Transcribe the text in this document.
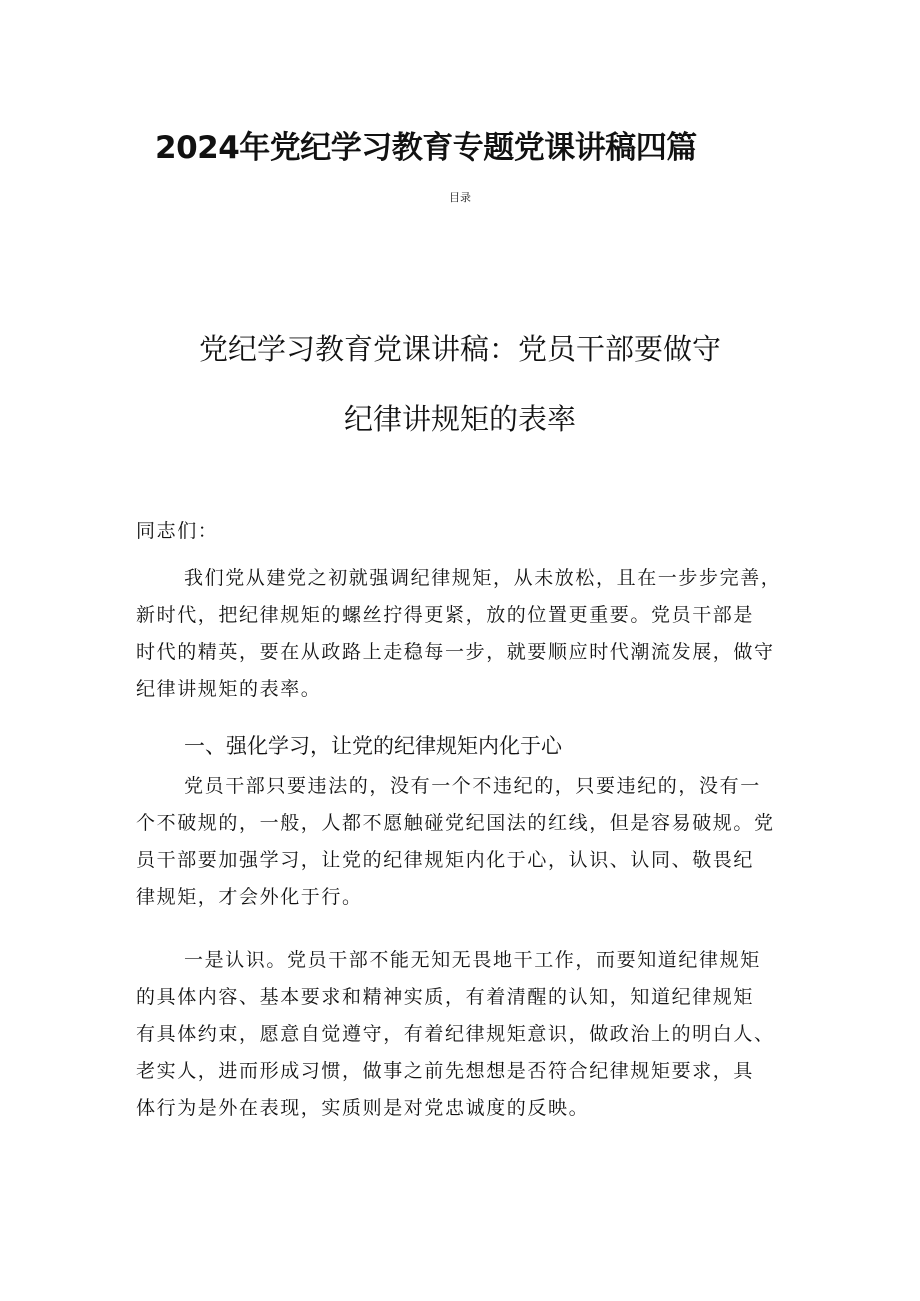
2024年党纪学习教育专题党课讲稿四篇
目录
党纪学习教育党课讲稿：党员干部要做守
纪律讲规矩的表率
同志们：
我们党从建党之初就强调纪律规矩，从未放松，且在一步步完善，
新时代，把纪律规矩的螺丝拧得更紧，放的位置更重要。党员干部是
时代的精英，要在从政路上走稳每一步，就要顺应时代潮流发展，做守
纪律讲规矩的表率。
一、强化学习，让党的纪律规矩内化于心
党员干部只要违法的，没有一个不违纪的，只要违纪的，没有一
个不破规的，一般，人都不愿触碰党纪国法的红线，但是容易破规。党
员干部要加强学习，让党的纪律规矩内化于心，认识、认同、敬畏纪
律规矩，才会外化于行。
一是认识。党员干部不能无知无畏地干工作，而要知道纪律规矩
的具体内容、基本要求和精神实质，有着清醒的认知，知道纪律规矩
有具体约束，愿意自觉遵守，有着纪律规矩意识，做政治上的明白人、
老实人，进而形成习惯，做事之前先想想是否符合纪律规矩要求，具
体行为是外在表现，实质则是对党忠诚度的反映。
